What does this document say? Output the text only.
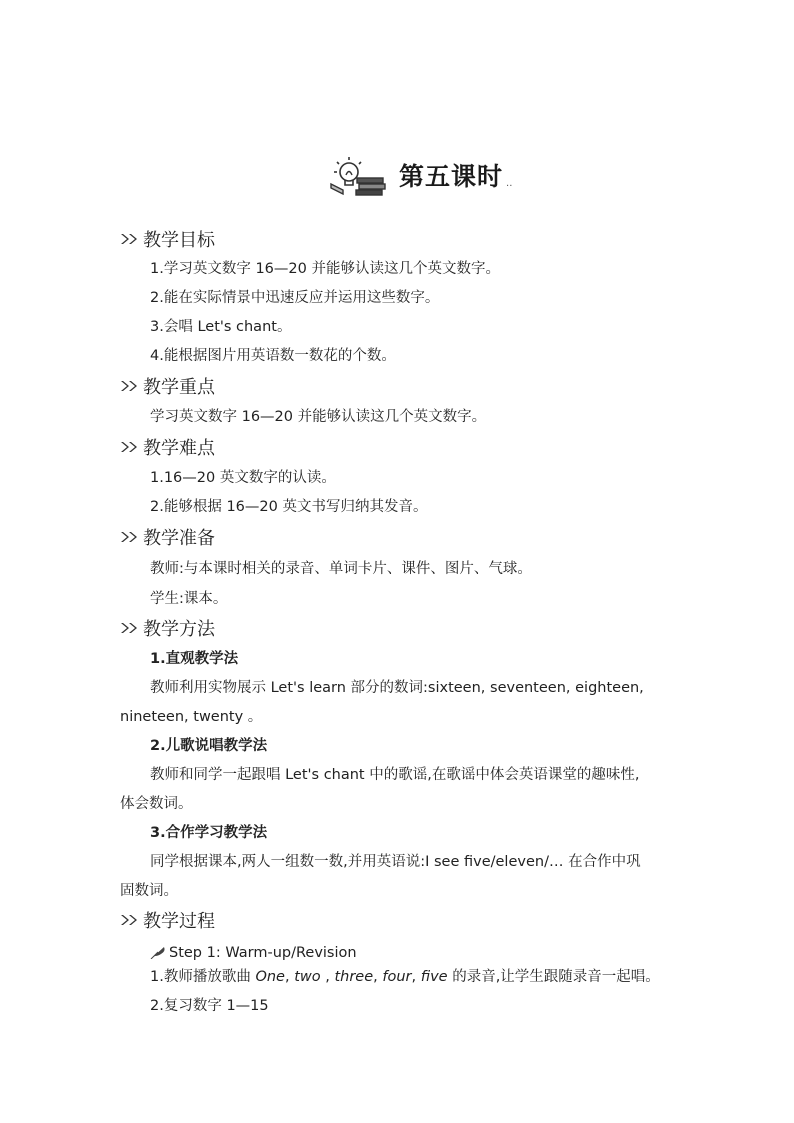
第五课时 ..
教学目标
1.学习英文数字 16—20 并能够认读这几个英文数字。
2.能在实际情景中迅速反应并运用这些数字。
3.会唱 Let's chant。
4.能根据图片用英语数一数花的个数。
教学重点
学习英文数字 16—20 并能够认读这几个英文数字。
教学难点
1.16—20 英文数字的认读。
2.能够根据 16—20 英文书写归纳其发音。
教学准备
教师:与本课时相关的录音、单词卡片、课件、图片、气球。
学生:课本。
教学方法
1.直观教学法
教师利用实物展示 Let's learn 部分的数词:sixteen, seventeen, eighteen,
nineteen, twenty 。
2.儿歌说唱教学法
教师和同学一起跟唱 Let's chant 中的歌谣,在歌谣中体会英语课堂的趣味性,
体会数词。
3.合作学习教学法
同学根据课本,两人一组数一数,并用英语说:I see five/eleven/… 在合作中巩
固数词。
教学过程
Step 1: Warm-up/Revision
1.教师播放歌曲 One, two , three, four, five 的录音,让学生跟随录音一起唱。
2.复习数字 1—15
